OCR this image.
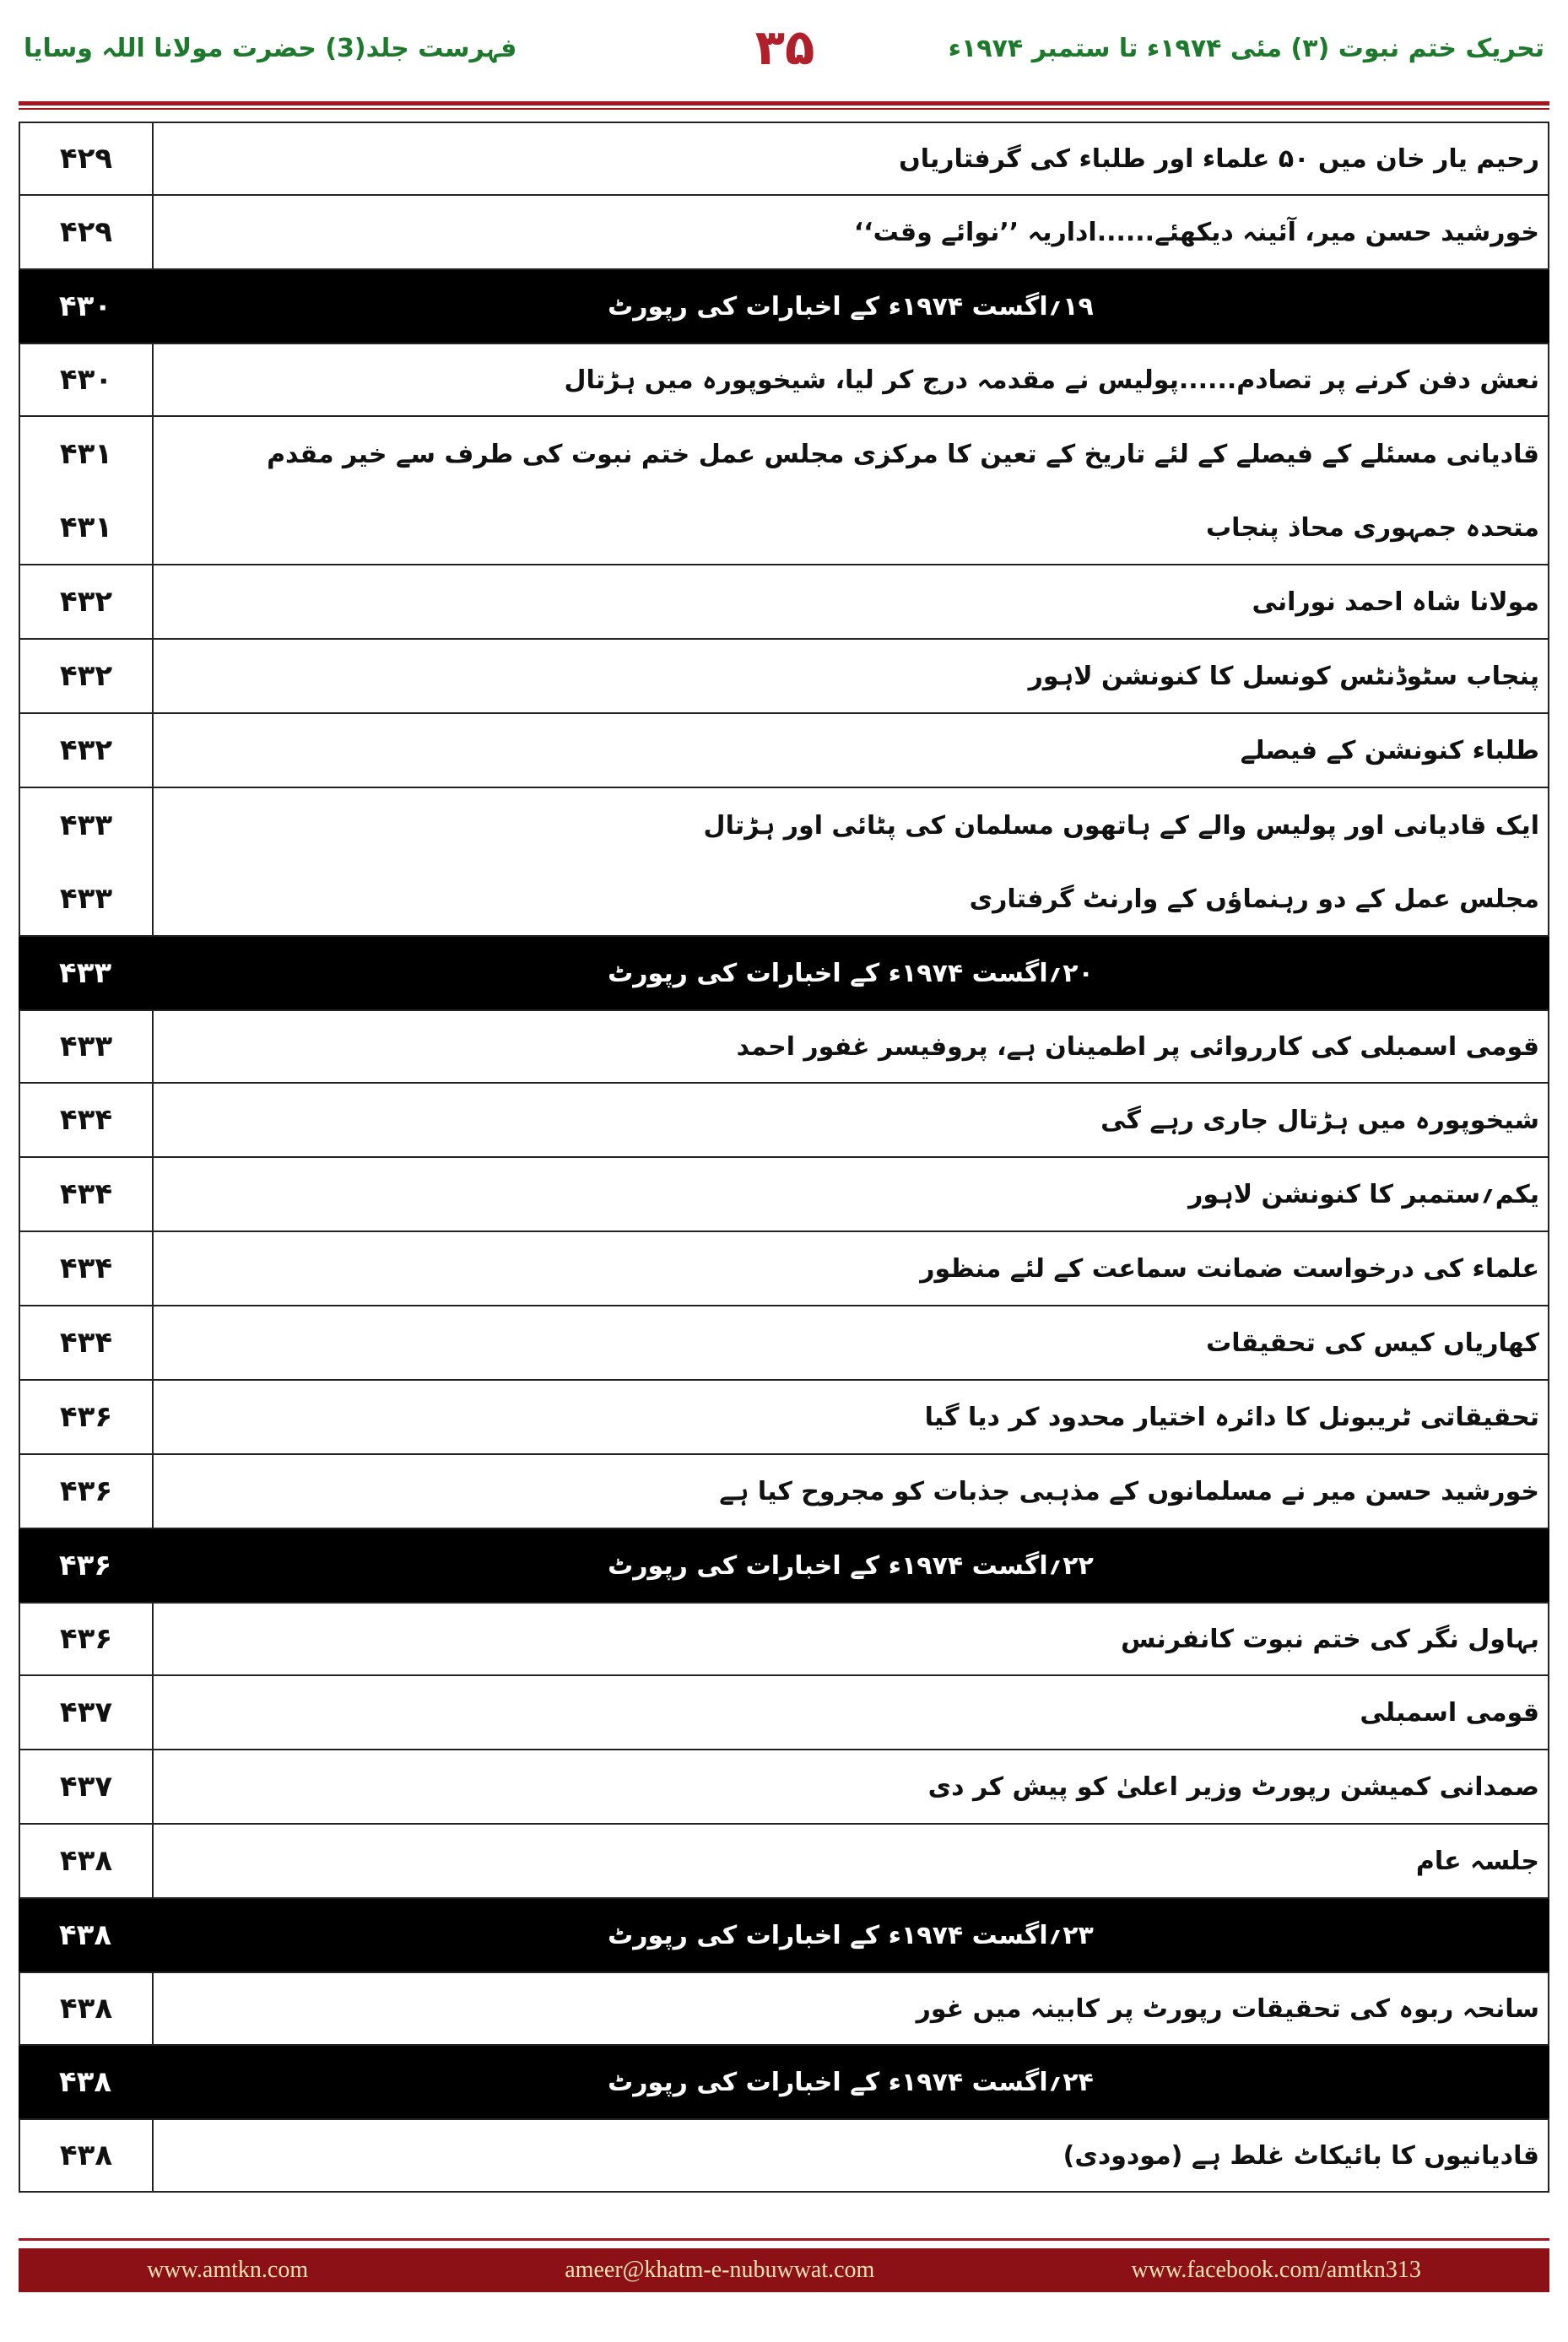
فہرست جلد(3) حضرت مولانا اللہ وسایا	۳۵	تحریک ختم نبوت (۳) مئی ۱۹۷۴ء تا ستمبر ۱۹۷۴ء
۴۲۹	رحیم یار خان میں ۵۰ علماء اور طلباء کی گرفتاریاں
۴۲۹	خورشید حسن میر، آئینہ دیکھئے......اداریہ ’’نوائے وقت‘‘
۴۳۰	۱۹؍اگست ۱۹۷۴ء کے اخبارات کی رپورٹ
۴۳۰	نعش دفن کرنے پر تصادم......پولیس نے مقدمہ درج کر لیا، شیخوپورہ میں ہڑتال
۴۳۱	قادیانی مسئلے کے فیصلے کے لئے تاریخ کے تعین کا مرکزی مجلس عمل ختم نبوت کی طرف سے خیر مقدم
۴۳۱	متحدہ جمہوری محاذ پنجاب
۴۳۲	مولانا شاہ احمد نورانی
۴۳۲	پنجاب سٹوڈنٹس کونسل کا کنونشن لاہور
۴۳۲	طلباء کنونشن کے فیصلے
۴۳۳	ایک قادیانی اور پولیس والے کے ہاتھوں مسلمان کی پٹائی اور ہڑتال
۴۳۳	مجلس عمل کے دو رہنماؤں کے وارنٹ گرفتاری
۴۳۳	۲۰؍اگست ۱۹۷۴ء کے اخبارات کی رپورٹ
۴۳۳	قومی اسمبلی کی کارروائی پر اطمینان ہے، پروفیسر غفور احمد
۴۳۴	شیخوپورہ میں ہڑتال جاری رہے گی
۴۳۴	یکم؍ستمبر کا کنونشن لاہور
۴۳۴	علماء کی درخواست ضمانت سماعت کے لئے منظور
۴۳۴	کھاریاں کیس کی تحقیقات
۴۳۶	تحقیقاتی ٹریبونل کا دائرہ اختیار محدود کر دیا گیا
۴۳۶	خورشید حسن میر نے مسلمانوں کے مذہبی جذبات کو مجروح کیا ہے
۴۳۶	۲۲؍اگست ۱۹۷۴ء کے اخبارات کی رپورٹ
۴۳۶	بہاول نگر کی ختم نبوت کانفرنس
۴۳۷	قومی اسمبلی
۴۳۷	صمدانی کمیشن رپورٹ وزیر اعلیٰ کو پیش کر دی
۴۳۸	جلسہ عام
۴۳۸	۲۳؍اگست ۱۹۷۴ء کے اخبارات کی رپورٹ
۴۳۸	سانحہ ربوہ کی تحقیقات رپورٹ پر کابینہ میں غور
۴۳۸	۲۴؍اگست ۱۹۷۴ء کے اخبارات کی رپورٹ
۴۳۸	قادیانیوں کا بائیکاٹ غلط ہے (مودودی)
www.amtkn.com	ameer@khatm-e-nubuwwat.com	www.facebook.com/amtkn313
